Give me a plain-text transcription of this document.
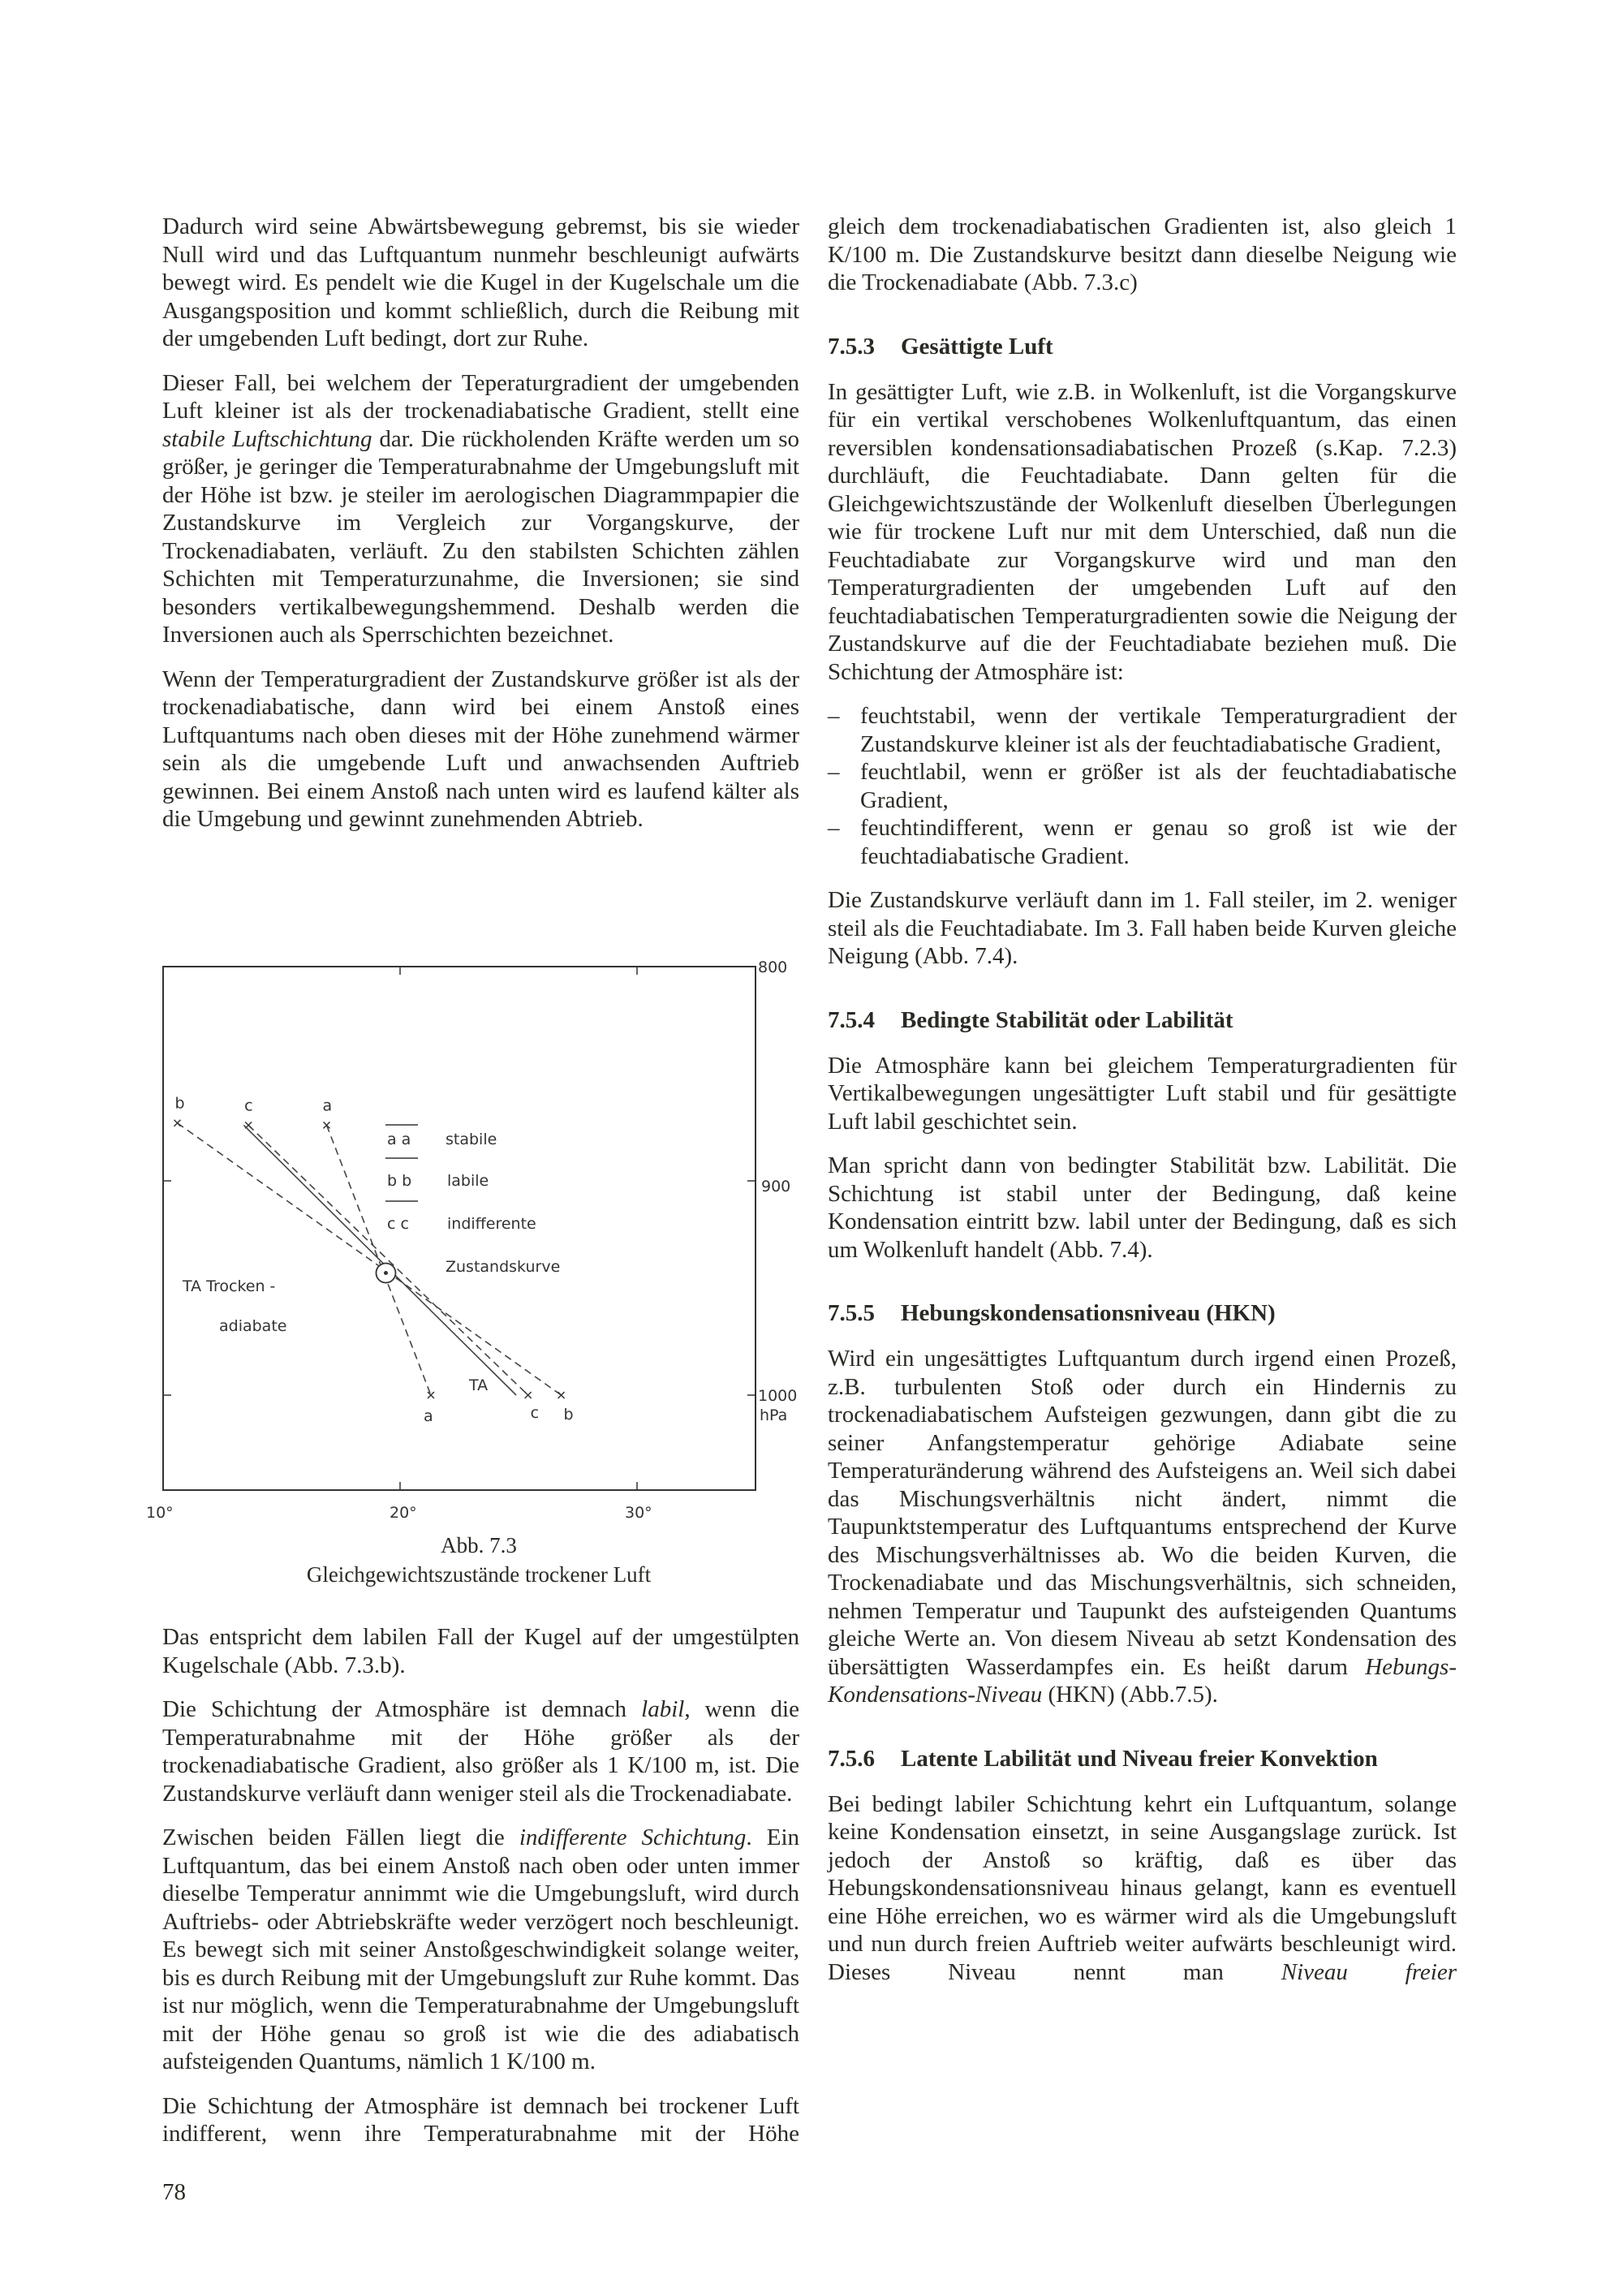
Dadurch wird seine Abwärtsbewegung gebremst, bis sie wieder Null wird und das Luftquantum nunmehr beschleunigt aufwärts bewegt wird. Es pendelt wie die Kugel in der Kugelschale um die Ausgangsposition und kommt schließlich, durch die Reibung mit der umgebenden Luft bedingt, dort zur Ruhe.

Dieser Fall, bei welchem der Teperaturgradient der umgebenden Luft kleiner ist als der trockenadiabatische Gradient, stellt eine stabile Luftschichtung dar. Die rückholenden Kräfte werden um so größer, je geringer die Temperaturabnahme der Umgebungsluft mit der Höhe ist bzw. je steiler im aerologischen Diagrammpapier die Zustandskurve im Vergleich zur Vorgangskurve, der Trockenadiabaten, verläuft. Zu den stabilsten Schichten zählen Schichten mit Temperaturzunahme, die Inversionen; sie sind besonders vertikalbewegungshemmend. Deshalb werden die Inversionen auch als Sperrschichten bezeichnet.

Wenn der Temperaturgradient der Zustandskurve größer ist als der trockenadiabatische, dann wird bei einem Anstoß eines Luftquantums nach oben dieses mit der Höhe zunehmend wärmer sein als die umgebende Luft und anwachsenden Auftrieb gewinnen. Bei einem Anstoß nach unten wird es laufend kälter als die Umgebung und gewinnt zunehmenden Abtrieb.

a
a
b
b
c
c
10°	20°	30°
800
900
1000
hPa
a a stabile
b b labile
c c indifferente
Zustandskurve
TA Trocken -
adiabate
TA
Abb. 7.3
Gleichgewichtszustände trockener Luft

Das entspricht dem labilen Fall der Kugel auf der umgestülpten Kugelschale (Abb. 7.3.b).

Die Schichtung der Atmosphäre ist demnach labil, wenn die Temperaturabnahme mit der Höhe größer als der trockenadiabatische Gradient, also größer als 1 K/100 m, ist. Die Zustandskurve verläuft dann weniger steil als die Trockenadiabate.

Zwischen beiden Fällen liegt die indifferente Schichtung. Ein Luftquantum, das bei einem Anstoß nach oben oder unten immer dieselbe Temperatur annimmt wie die Umgebungsluft, wird durch Auftriebs- oder Abtriebskräfte weder verzögert noch beschleunigt. Es bewegt sich mit seiner Anstoßgeschwindigkeit solange weiter, bis es durch Reibung mit der Umgebungsluft zur Ruhe kommt. Das ist nur möglich, wenn die Temperaturabnahme der Umgebungsluft mit der Höhe genau so groß ist wie die des adiabatisch aufsteigenden Quantums, nämlich 1 K/100 m.

Die Schichtung der Atmosphäre ist demnach bei trockener Luft indifferent, wenn ihre Temperaturabnahme mit der Höhe

gleich dem trockenadiabatischen Gradienten ist, also gleich 1 K/100 m. Die Zustandskurve besitzt dann dieselbe Neigung wie die Trockenadiabate (Abb. 7.3.c)

7.5.3 Gesättigte Luft

In gesättigter Luft, wie z.B. in Wolkenluft, ist die Vorgangskurve für ein vertikal verschobenes Wolkenluftquantum, das einen reversiblen kondensationsadiabatischen Prozeß (s.Kap. 7.2.3) durchläuft, die Feuchtadiabate. Dann gelten für die Gleichgewichtszustände der Wolkenluft dieselben Überlegungen wie für trockene Luft nur mit dem Unterschied, daß nun die Feuchtadiabate zur Vorgangskurve wird und man den Temperaturgradienten der umgebenden Luft auf den feuchtadiabatischen Temperaturgradienten sowie die Neigung der Zustandskurve auf die der Feuchtadiabate beziehen muß. Die Schichtung der Atmosphäre ist:

– feuchtstabil, wenn der vertikale Temperaturgradient der Zustandskurve kleiner ist als der feuchtadiabatische Gradient,
– feuchtlabil, wenn er größer ist als der feuchtadiabatische Gradient,
– feuchtindifferent, wenn er genau so groß ist wie der feuchtadiabatische Gradient.

Die Zustandskurve verläuft dann im 1. Fall steiler, im 2. weniger steil als die Feuchtadiabate. Im 3. Fall haben beide Kurven gleiche Neigung (Abb. 7.4).

7.5.4 Bedingte Stabilität oder Labilität

Die Atmosphäre kann bei gleichem Temperaturgradienten für Vertikalbewegungen ungesättigter Luft stabil und für gesättigte Luft labil geschichtet sein.

Man spricht dann von bedingter Stabilität bzw. Labilität. Die Schichtung ist stabil unter der Bedingung, daß keine Kondensation eintritt bzw. labil unter der Bedingung, daß es sich um Wolkenluft handelt (Abb. 7.4).

7.5.5 Hebungskondensationsniveau (HKN)

Wird ein ungesättigtes Luftquantum durch irgend einen Prozeß, z.B. turbulenten Stoß oder durch ein Hindernis zu trockenadiabatischem Aufsteigen gezwungen, dann gibt die zu seiner Anfangstemperatur gehörige Adiabate seine Temperaturänderung während des Aufsteigens an. Weil sich dabei das Mischungsverhältnis nicht ändert, nimmt die Taupunktstemperatur des Luftquantums entsprechend der Kurve des Mischungsverhältnisses ab. Wo die beiden Kurven, die Trockenadiabate und das Mischungsverhältnis, sich schneiden, nehmen Temperatur und Taupunkt des aufsteigenden Quantums gleiche Werte an. Von diesem Niveau ab setzt Kondensation des übersättigten Wasserdampfes ein. Es heißt darum Hebungs-Kondensations-Niveau (HKN) (Abb.7.5).

7.5.6 Latente Labilität und Niveau freier Konvektion

Bei bedingt labiler Schichtung kehrt ein Luftquantum, solange keine Kondensation einsetzt, in seine Ausgangslage zurück. Ist jedoch der Anstoß so kräftig, daß es über das Hebungskondensationsniveau hinaus gelangt, kann es eventuell eine Höhe erreichen, wo es wärmer wird als die Umgebungsluft und nun durch freien Auftrieb weiter aufwärts beschleunigt wird. Dieses Niveau nennt man Niveau freier

78
